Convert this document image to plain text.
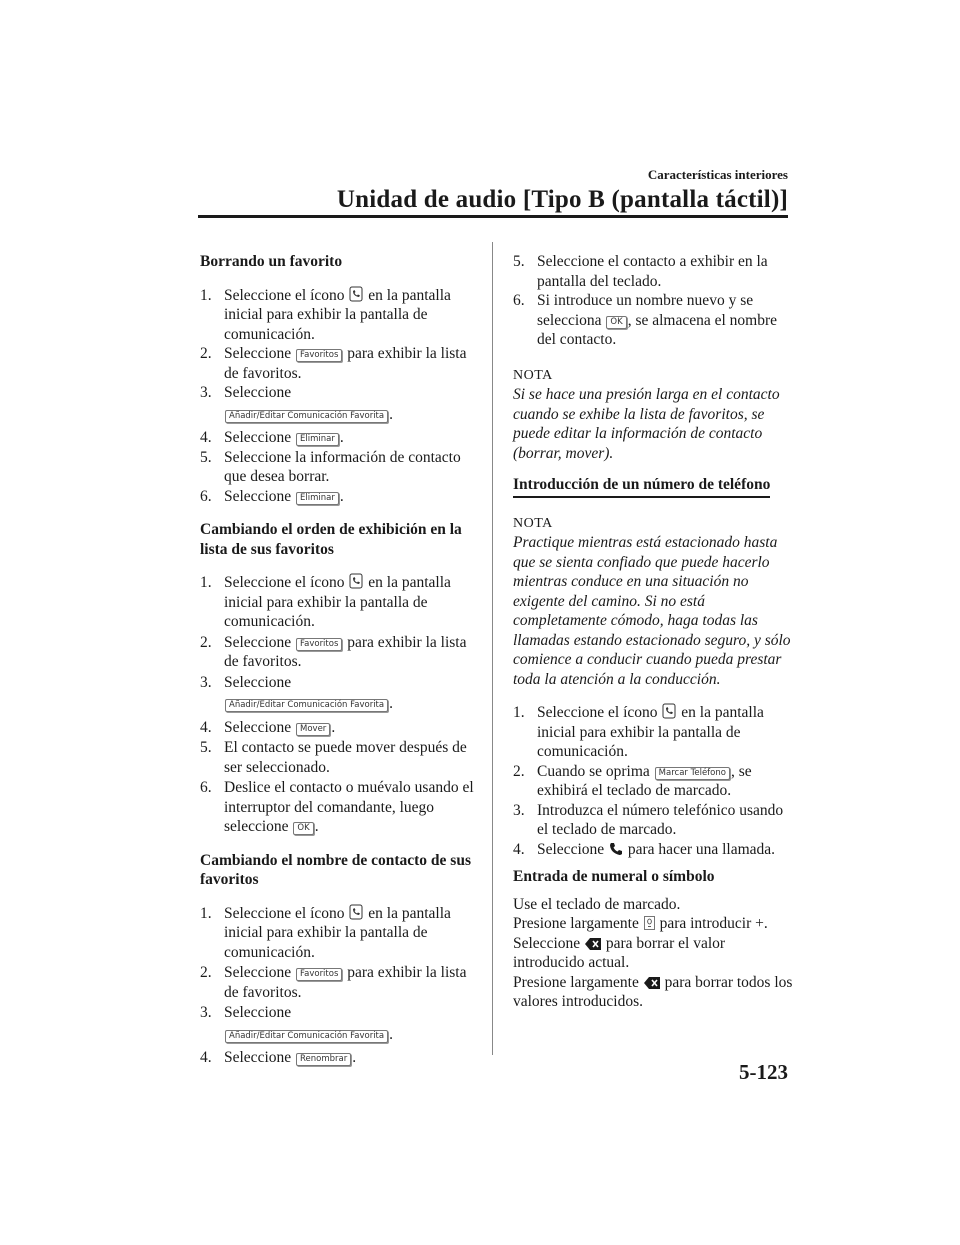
Características interiores
Unidad de audio [Tipo B (pantalla táctil)]

Borrando un favorito

1. Seleccione el ícono en la pantalla inicial para exhibir la pantalla de comunicación.

2. Seleccione Favoritos para exhibir la lista de favoritos.

3. Seleccione
Añadir/Editar Comunicación Favorita .

4. Seleccione Eliminar .

5. Seleccione la información de contacto que desea borrar.

6. Seleccione Eliminar .

Cambiando el orden de exhibición en la lista de sus favoritos

1. Seleccione el ícono en la pantalla inicial para exhibir la pantalla de comunicación.

2. Seleccione Favoritos para exhibir la lista de favoritos.

3. Seleccione
Añadir/Editar Comunicación Favorita .

4. Seleccione Mover .

5. El contacto se puede mover después de ser seleccionado.

6. Deslice el contacto o muévalo usando el interruptor del comandante, luego seleccione OK .

Cambiando el nombre de contacto de sus favoritos

1. Seleccione el ícono en la pantalla inicial para exhibir la pantalla de comunicación.

2. Seleccione Favoritos para exhibir la lista de favoritos.

3. Seleccione
Añadir/Editar Comunicación Favorita .

4. Seleccione Renombrar .

5. Seleccione el contacto a exhibir en la pantalla del teclado.

6. Si introduce un nombre nuevo y se selecciona OK , se almacena el nombre del contacto.

NOTA

Si se hace una presión larga en el contacto cuando se exhibe la lista de favoritos, se puede editar la información de contacto (borrar, mover).

Introducción de un número de teléfono

NOTA

Practique mientras está estacionado hasta que se sienta confiado que puede hacerlo mientras conduce en una situación no exigente del camino. Si no está completamente cómodo, haga todas las llamadas estando estacionado seguro, y sólo comience a conducir cuando pueda prestar toda la atención a la conducción.

1. Seleccione el ícono en la pantalla inicial para exhibir la pantalla de comunicación.

2. Cuando se oprima Marcar Teléfono , se exhibirá el teclado de marcado.

3. Introduzca el número telefónico usando el teclado de marcado.

4. Seleccione para hacer una llamada.

Entrada de numeral o símbolo

Use el teclado de marcado.

Presione largamente para introducir +.

Seleccione para borrar el valor introducido actual.

Presione largamente para borrar todos los valores introducidos.

5-123
